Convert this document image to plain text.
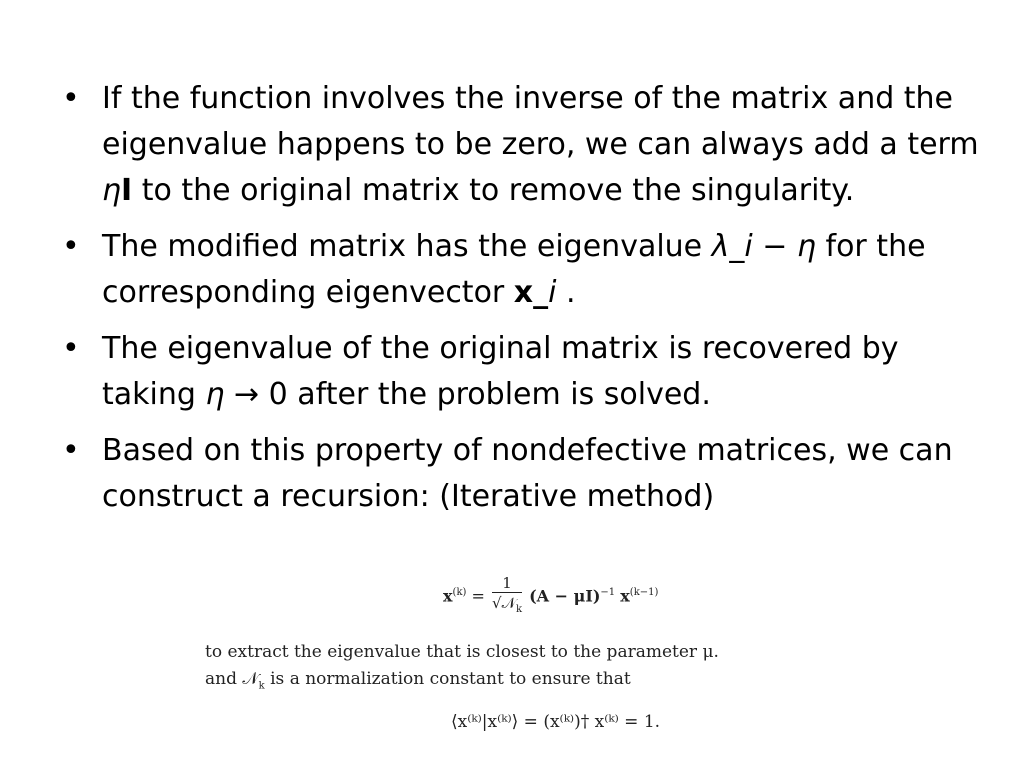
• If the function involves the inverse of the matrix and the eigenvalue happens to be zero, we can always add a term ηI to the original matrix to remove the singularity.
• The modified matrix has the eigenvalue λ_i − η for the corresponding eigenvector x_i .
• The eigenvalue of the original matrix is recovered by taking η → 0 after the problem is solved.
• Based on this property of nondefective matrices, we can construct a recursion: (Iterative method)
$x^{(k)} = \frac{1}{√𝒩_k} (A - \mu I)^{-1}$ $x^{(k-1)}$
to extract the eigenvalue that is closest to the parameter μ.
and 𝒩$_k$ is a normalization constant to ensure that
⟨x⁽ᵏ⁾|x⁽ᵏ⁾⟩ = (x⁽ᵏ⁾)† x⁽ᵏ⁾ = 1.
